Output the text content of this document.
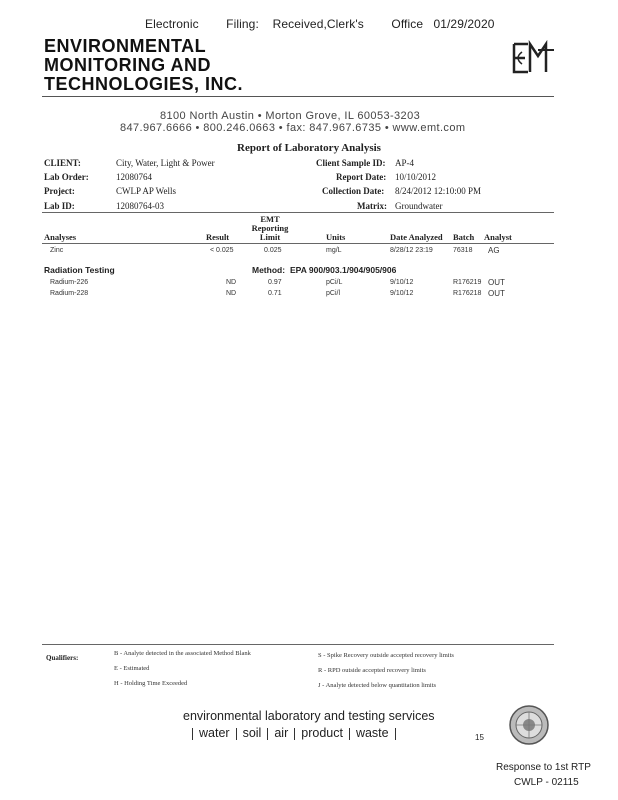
Electronic Filing: Received,Clerk's Office 01/29/2020
ENVIRONMENTAL
MONITORING AND
TECHNOLOGIES, INC.
8100 North Austin • Morton Grove, IL 60053-3203
847.967.6666 • 800.246.0663 • fax: 847.967.6735 • www.emt.com
Report of Laboratory Analysis
CLIENT:	City, Water, Light & Power
Lab Order:	12080764
Project:	CWLP AP Wells
Lab ID:	12080764-03
Client Sample ID: AP-4
Report Date: 10/10/2012
Collection Date: 8/24/2012 12:10:00 PM
Matrix: Groundwater
Analyses	Result
EMT
Reporting
Limit	Units	Date Analyzed Batch Analyst
Zinc	< 0.025	0.025	mg/L	8/28/12 23:19	76318 AG
Radiation Testing	Method: EPA 900/903.1/904/905/906
Radium-226	ND	0.97	pCi/L	9/10/12	R176219 OUT
Radium-228	ND	0.71	pCi/l	9/10/12	R176218 OUT
Qualifiers:
B - Analyte detected in the associated Method Blank
E - Estimated
H - Holding Time Exceeded
S - Spike Recovery outside accepted recovery limits
R - RPD outside accepted recovery limits
J - Analyte detected below quantitation limits
environmental laboratory and testing services
water soil air product waste	15
Response to 1st RTP
CWLP - 02115
